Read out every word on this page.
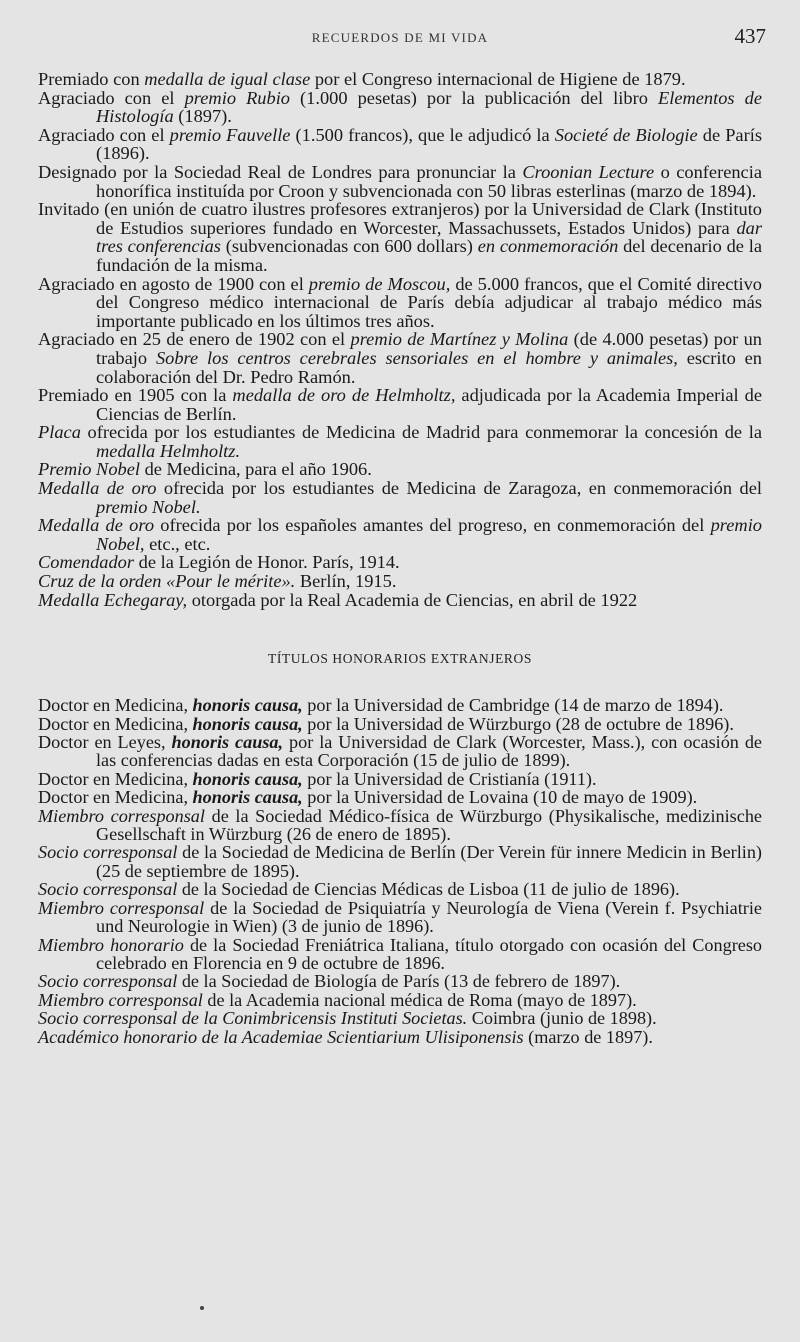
RECUERDOS DE MI VIDA	437

Premiado con medalla de igual clase por el Congreso internacional de Higiene de 1879.

Agraciado con el premio Rubio (1.000 pesetas) por la publicación del libro Elementos de Histología (1897).

Agraciado con el premio Fauvelle (1.500 francos), que le adjudicó la Societé de Biologie de París (1896).

Designado por la Sociedad Real de Londres para pronunciar la Croonian Lecture o conferencia honorífica instituída por Croon y subvencionada con 50 libras esterlinas (marzo de 1894).

Invitado (en unión de cuatro ilustres profesores extranjeros) por la Universidad de Clark (Instituto de Estudios superiores fundado en Worcester, Massachussets, Estados Unidos) para dar tres conferencias (subvencionadas con 600 dollars) en conmemoración del decenario de la fundación de la misma.

Agraciado en agosto de 1900 con el premio de Moscou, de 5.000 francos, que el Comité directivo del Congreso médico internacional de París debía adjudicar al trabajo médico más importante publicado en los últimos tres años.

Agraciado en 25 de enero de 1902 con el premio de Martínez y Molina (de 4.000 pesetas) por un trabajo Sobre los centros cerebrales sensoriales en el hombre y animales, escrito en colaboración del Dr. Pedro Ramón.

Premiado en 1905 con la medalla de oro de Helmholtz, adjudicada por la Academia Imperial de Ciencias de Berlín.

Placa ofrecida por los estudiantes de Medicina de Madrid para conmemorar la concesión de la medalla Helmholtz.

Premio Nobel de Medicina, para el año 1906.

Medalla de oro ofrecida por los estudiantes de Medicina de Zaragoza, en conmemoración del premio Nobel.

Medalla de oro ofrecida por los españoles amantes del progreso, en conmemoración del premio Nobel, etc., etc.

Comendador de la Legión de Honor. París, 1914.

Cruz de la orden «Pour le mérite». Berlín, 1915.

Medalla Echegaray, otorgada por la Real Academia de Ciencias, en abril de 1922

TÍTULOS HONORARIOS EXTRANJEROS

Doctor en Medicina, honoris causa, por la Universidad de Cambridge (14 de marzo de 1894).

Doctor en Medicina, honoris causa, por la Universidad de Würzburgo (28 de octubre de 1896).

Doctor en Leyes, honoris causa, por la Universidad de Clark (Worcester, Mass.), con ocasión de las conferencias dadas en esta Corporación (15 de julio de 1899).

Doctor en Medicina, honoris causa, por la Universidad de Cristianía (1911).

Doctor en Medicina, honoris causa, por la Universidad de Lovaina (10 de mayo de 1909).

Miembro corresponsal de la Sociedad Médico-física de Würzburgo (Physikalische, medizinische Gesellschaft in Würzburg (26 de enero de 1895).

Socio corresponsal de la Sociedad de Medicina de Berlín (Der Verein für innere Medicin in Berlin) (25 de septiembre de 1895).

Socio corresponsal de la Sociedad de Ciencias Médicas de Lisboa (11 de julio de 1896).

Miembro corresponsal de la Sociedad de Psiquiatría y Neurología de Viena (Verein f. Psychiatrie und Neurologie in Wien) (3 de junio de 1896).

Miembro honorario de la Sociedad Freniátrica Italiana, título otorgado con ocasión del Congreso celebrado en Florencia en 9 de octubre de 1896.

Socio corresponsal de la Sociedad de Biología de París (13 de febrero de 1897).

Miembro corresponsal de la Academia nacional médica de Roma (mayo de 1897).

Socio corresponsal de la Conimbricensis Instituti Societas. Coimbra (junio de 1898).

Académico honorario de la Academiae Scientiarium Ulisiponensis (marzo de 1897).
